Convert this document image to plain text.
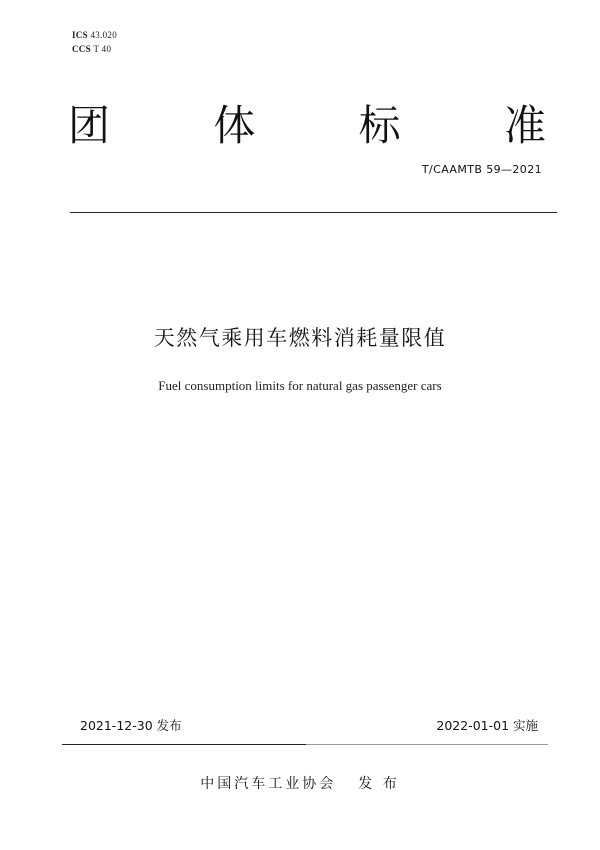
ICS 43.020
CCS T 40
团 体 标 准
T/CAAMTB 59—2021
天然气乘用车燃料消耗量限值
Fuel consumption limits for natural gas passenger cars
2021-12-30 发布	2022-01-01 实施
中国汽车工业协会 发 布
